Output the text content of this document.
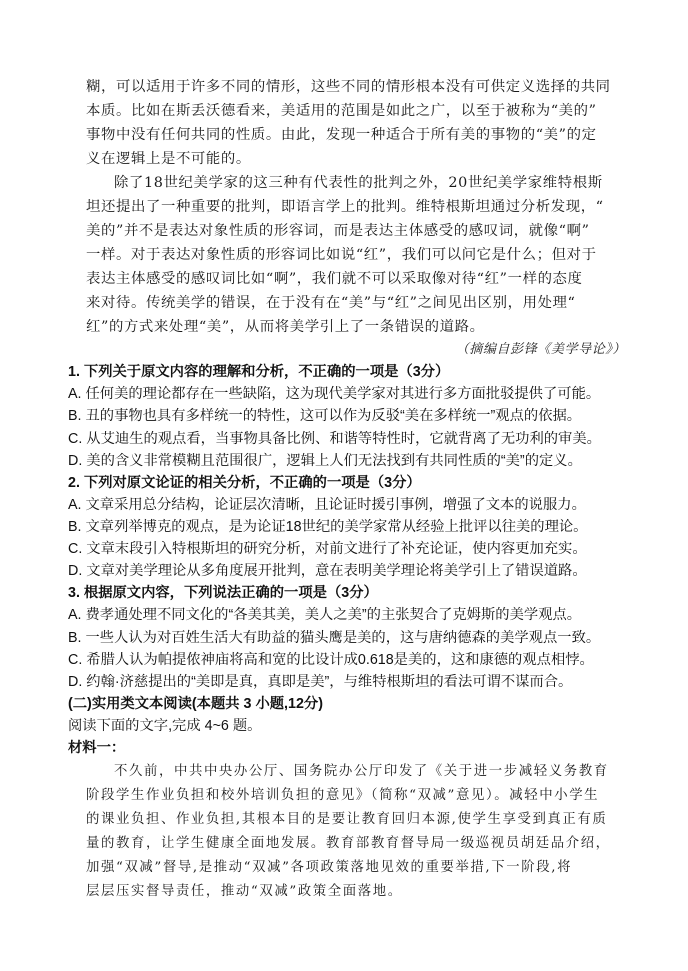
糊，可以适用于许多不同的情形，这些不同的情形根本没有可供定义选择的共同
本质。比如在斯丢沃德看来，美适用的范围是如此之广，以至于被称为“美的”
事物中没有任何共同的性质。由此，发现一种适合于所有美的事物的“美”的定
义在逻辑上是不可能的。
除了18世纪美学家的这三种有代表性的批判之外，20世纪美学家维特根斯
坦还提出了一种重要的批判，即语言学上的批判。维特根斯坦通过分析发现，“
美的”并不是表达对象性质的形容词，而是表达主体感受的感叹词，就像“啊”
一样。对于表达对象性质的形容词比如说“红”，我们可以问它是什么；但对于
表达主体感受的感叹词比如“啊”，我们就不可以采取像对待“红”一样的态度
来对待。传统美学的错误，在于没有在“美”与“红”之间见出区别，用处理“
红”的方式来处理“美”，从而将美学引上了一条错误的道路。
（摘编自彭锋《美学导论》）
1. 下列关于原文内容的理解和分析，不正确的一项是（3分）
A. 任何美的理论都存在一些缺陷，这为现代美学家对其进行多方面批驳提供了可能。
B. 丑的事物也具有多样统一的特性，这可以作为反驳“美在多样统一”观点的依据。
C. 从艾迪生的观点看，当事物具备比例、和谐等特性时，它就背离了无功利的审美。
D. 美的含义非常模糊且范围很广，逻辑上人们无法找到有共同性质的“美”的定义。
2. 下列对原文论证的相关分析，不正确的一项是（3分）
A. 文章采用总分结构，论证层次清晰，且论证时援引事例，增强了文本的说服力。
B. 文章列举博克的观点，是为论证18世纪的美学家常从经验上批评以往美的理论。
C. 文章末段引入特根斯坦的研究分析，对前文进行了补充论证，使内容更加充实。
D. 文章对美学理论从多角度展开批判，意在表明美学理论将美学引上了错误道路。
3. 根据原文内容，下列说法正确的一项是（3分）
A. 费孝通处理不同文化的“各美其美，美人之美”的主张契合了克姆斯的美学观点。
B. 一些人认为对百姓生活大有助益的猫头鹰是美的，这与唐纳德森的美学观点一致。
C. 希腊人认为帕提侬神庙将高和宽的比设计成0.618是美的，这和康德的观点相悖。
D. 约翰·济慈提出的“美即是真，真即是美”，与维特根斯坦的看法可谓不谋而合。
(二)实用类文本阅读(本题共 3 小题,12分)
阅读下面的文字,完成 4~6 题。
材料一：
不久前，中共中央办公厅、国务院办公厅印发了《关于进一步减轻义务教育
阶段学生作业负担和校外培训负担的意见》（简称“双减”意见）。减轻中小学生
的课业负担、作业负担,其根本目的是要让教育回归本源,使学生享受到真正有质
量的教育，让学生健康全面地发展。教育部教育督导局一级巡视员胡廷品介绍，
加强“双减”督导,是推动“双减”各项政策落地见效的重要举措,下一阶段,将
层层压实督导责任，推动“双减”政策全面落地。
